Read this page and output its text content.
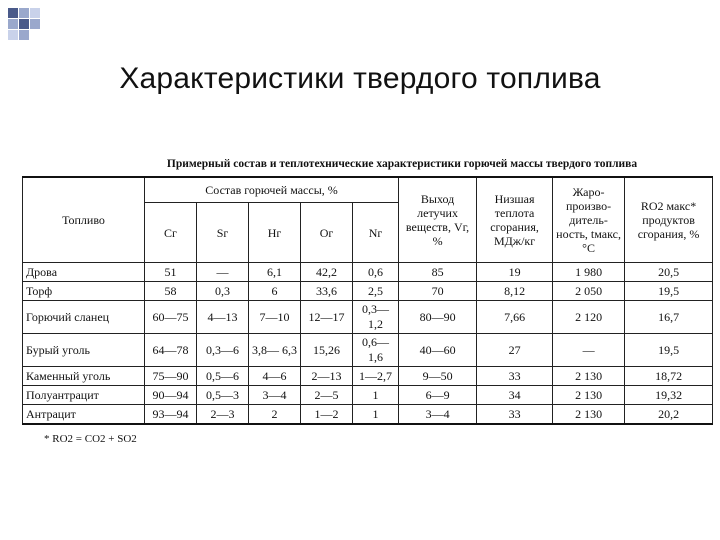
Характеристики твердого топлива
Примерный состав и теплотехнические характеристики горючей массы твердого топлива
Топливо	Состав горючей массы, %					Выход летучих веществ, Vг, %	Низшая теплота сгорания, МДж/кг	Жаро-произво-дитель-ность, tмакс, °С	RO2 макс* продуктов сгорания, %
	Cг	Sг	Hг	Oг	Nг				
Дрова	51	—	6,1	42,2	0,6	85	19	1 980	20,5
Торф	58	0,3	6	33,6	2,5	70	8,12	2 050	19,5
Горючий сланец	60—75	4—13	7—10	12—17	0,3— 1,2	80—90	7,66	2 120	16,7
Бурый уголь	64—78	0,3—6	3,8— 6,3	15,26	0,6— 1,6	40—60	27	—	19,5
Каменный уголь	75—90	0,5—6	4—6	2—13	1—2,7	9—50	33	2 130	18,72
Полуантрацит	90—94	0,5—3	3—4	2—5	1	6—9	34	2 130	19,32
Антрацит	93—94	2—3	2	1—2	1	3—4	33	2 130	20,2
* RO2 = CO2 + SO2
